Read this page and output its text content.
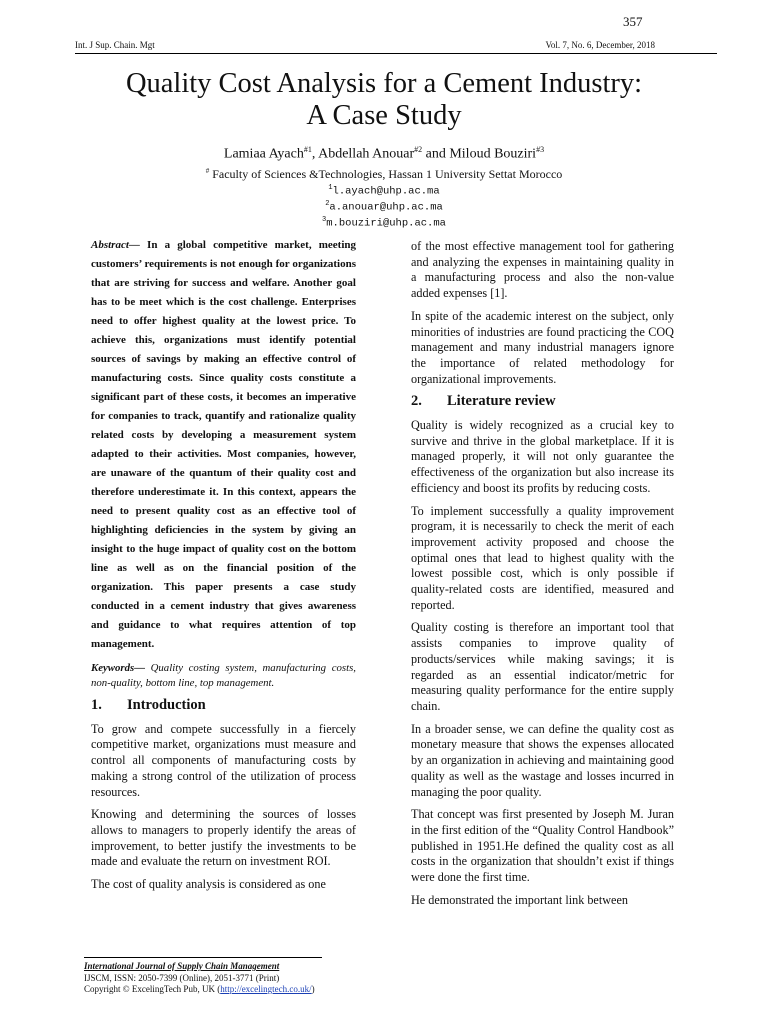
357
Int. J Sup. Chain. Mgt	Vol. 7, No. 6, December, 2018
Quality Cost Analysis for a Cement Industry:
A Case Study
Lamiaa Ayach$^{\#1}$, Abdellah Anouar$^{\#2}$ and Miloud Bouziri$^{\#3}$
# Faculty of Sciences &Technologies, Hassan 1 University Settat Morocco
$^1$l.ayach@uhp.ac.ma
$^2$a.anouar@uhp.ac.ma
$^3$m.bouziri@uhp.ac.ma

Abstract— In a global competitive market, meeting customers’ requirements is not enough for organizations that are striving for success and welfare. Another goal has to be meet which is the cost challenge. Enterprises need to offer highest quality at the lowest price. To achieve this, organizations must identify potential sources of savings by making an effective control of manufacturing costs. Since quality costs constitute a significant part of these costs, it becomes an imperative for companies to track, quantify and rationalize quality related costs by developing a measurement system adapted to their activities. Most companies, however, are unaware of the quantum of their quality cost and therefore underestimate it. In this context, appears the need to present quality cost as an effective tool of highlighting deficiencies in the system by giving an insight to the huge impact of quality cost on the bottom line as well as on the financial position of the organization. This paper presents a case study conducted in a cement industry that gives awareness and guidance to what requires attention of top management.

Keywords— Quality costing system, manufacturing costs, non-quality, bottom line, top management.

1. Introduction

To grow and compete successfully in a fiercely competitive market, organizations must measure and control all components of manufacturing costs by making a strong control of the utilization of process resources.

Knowing and determining the sources of losses allows to managers to properly identify the areas of improvement, to better justify the investments to be made and evaluate the return on investment ROI.

The cost of quality analysis is considered as one

of the most effective management tool for gathering and analyzing the expenses in maintaining quality in a manufacturing process and also the non-value added expenses [1].

In spite of the academic interest on the subject, only minorities of industries are found practicing the COQ management and many industrial managers ignore the importance of related methodology for organizational improvements.

2. Literature review

Quality is widely recognized as a crucial key to survive and thrive in the global marketplace. If it is managed properly, it will not only guarantee the effectiveness of the organization but also increase its efficiency and boost its profits by reducing costs.

To implement successfully a quality improvement program, it is necessarily to check the merit of each improvement activity proposed and choose the optimal ones that lead to highest quality with the lowest possible cost, which is only possible if quality-related costs are identified, measured and reported.

Quality costing is therefore an important tool that assists companies to improve quality of products/services while making savings; it is regarded as an essential indicator/metric for measuring quality performance for the entire supply chain.

In a broader sense, we can define the quality cost as monetary measure that shows the expenses allocated by an organization in achieving and maintaining good quality as well as the wastage and losses incurred in managing the poor quality.

That concept was first presented by Joseph M. Juran in the first edition of the “Quality Control Handbook” published in 1951.He defined the quality cost as all costs in the organization that shouldn’t exist if things were done the first time.

He demonstrated the important link between

International Journal of Supply Chain Management
IJSCM, ISSN: 2050-7399 (Online), 2051-3771 (Print)
Copyright © ExcelingTech Pub, UK (http://excelingtech.co.uk/)
